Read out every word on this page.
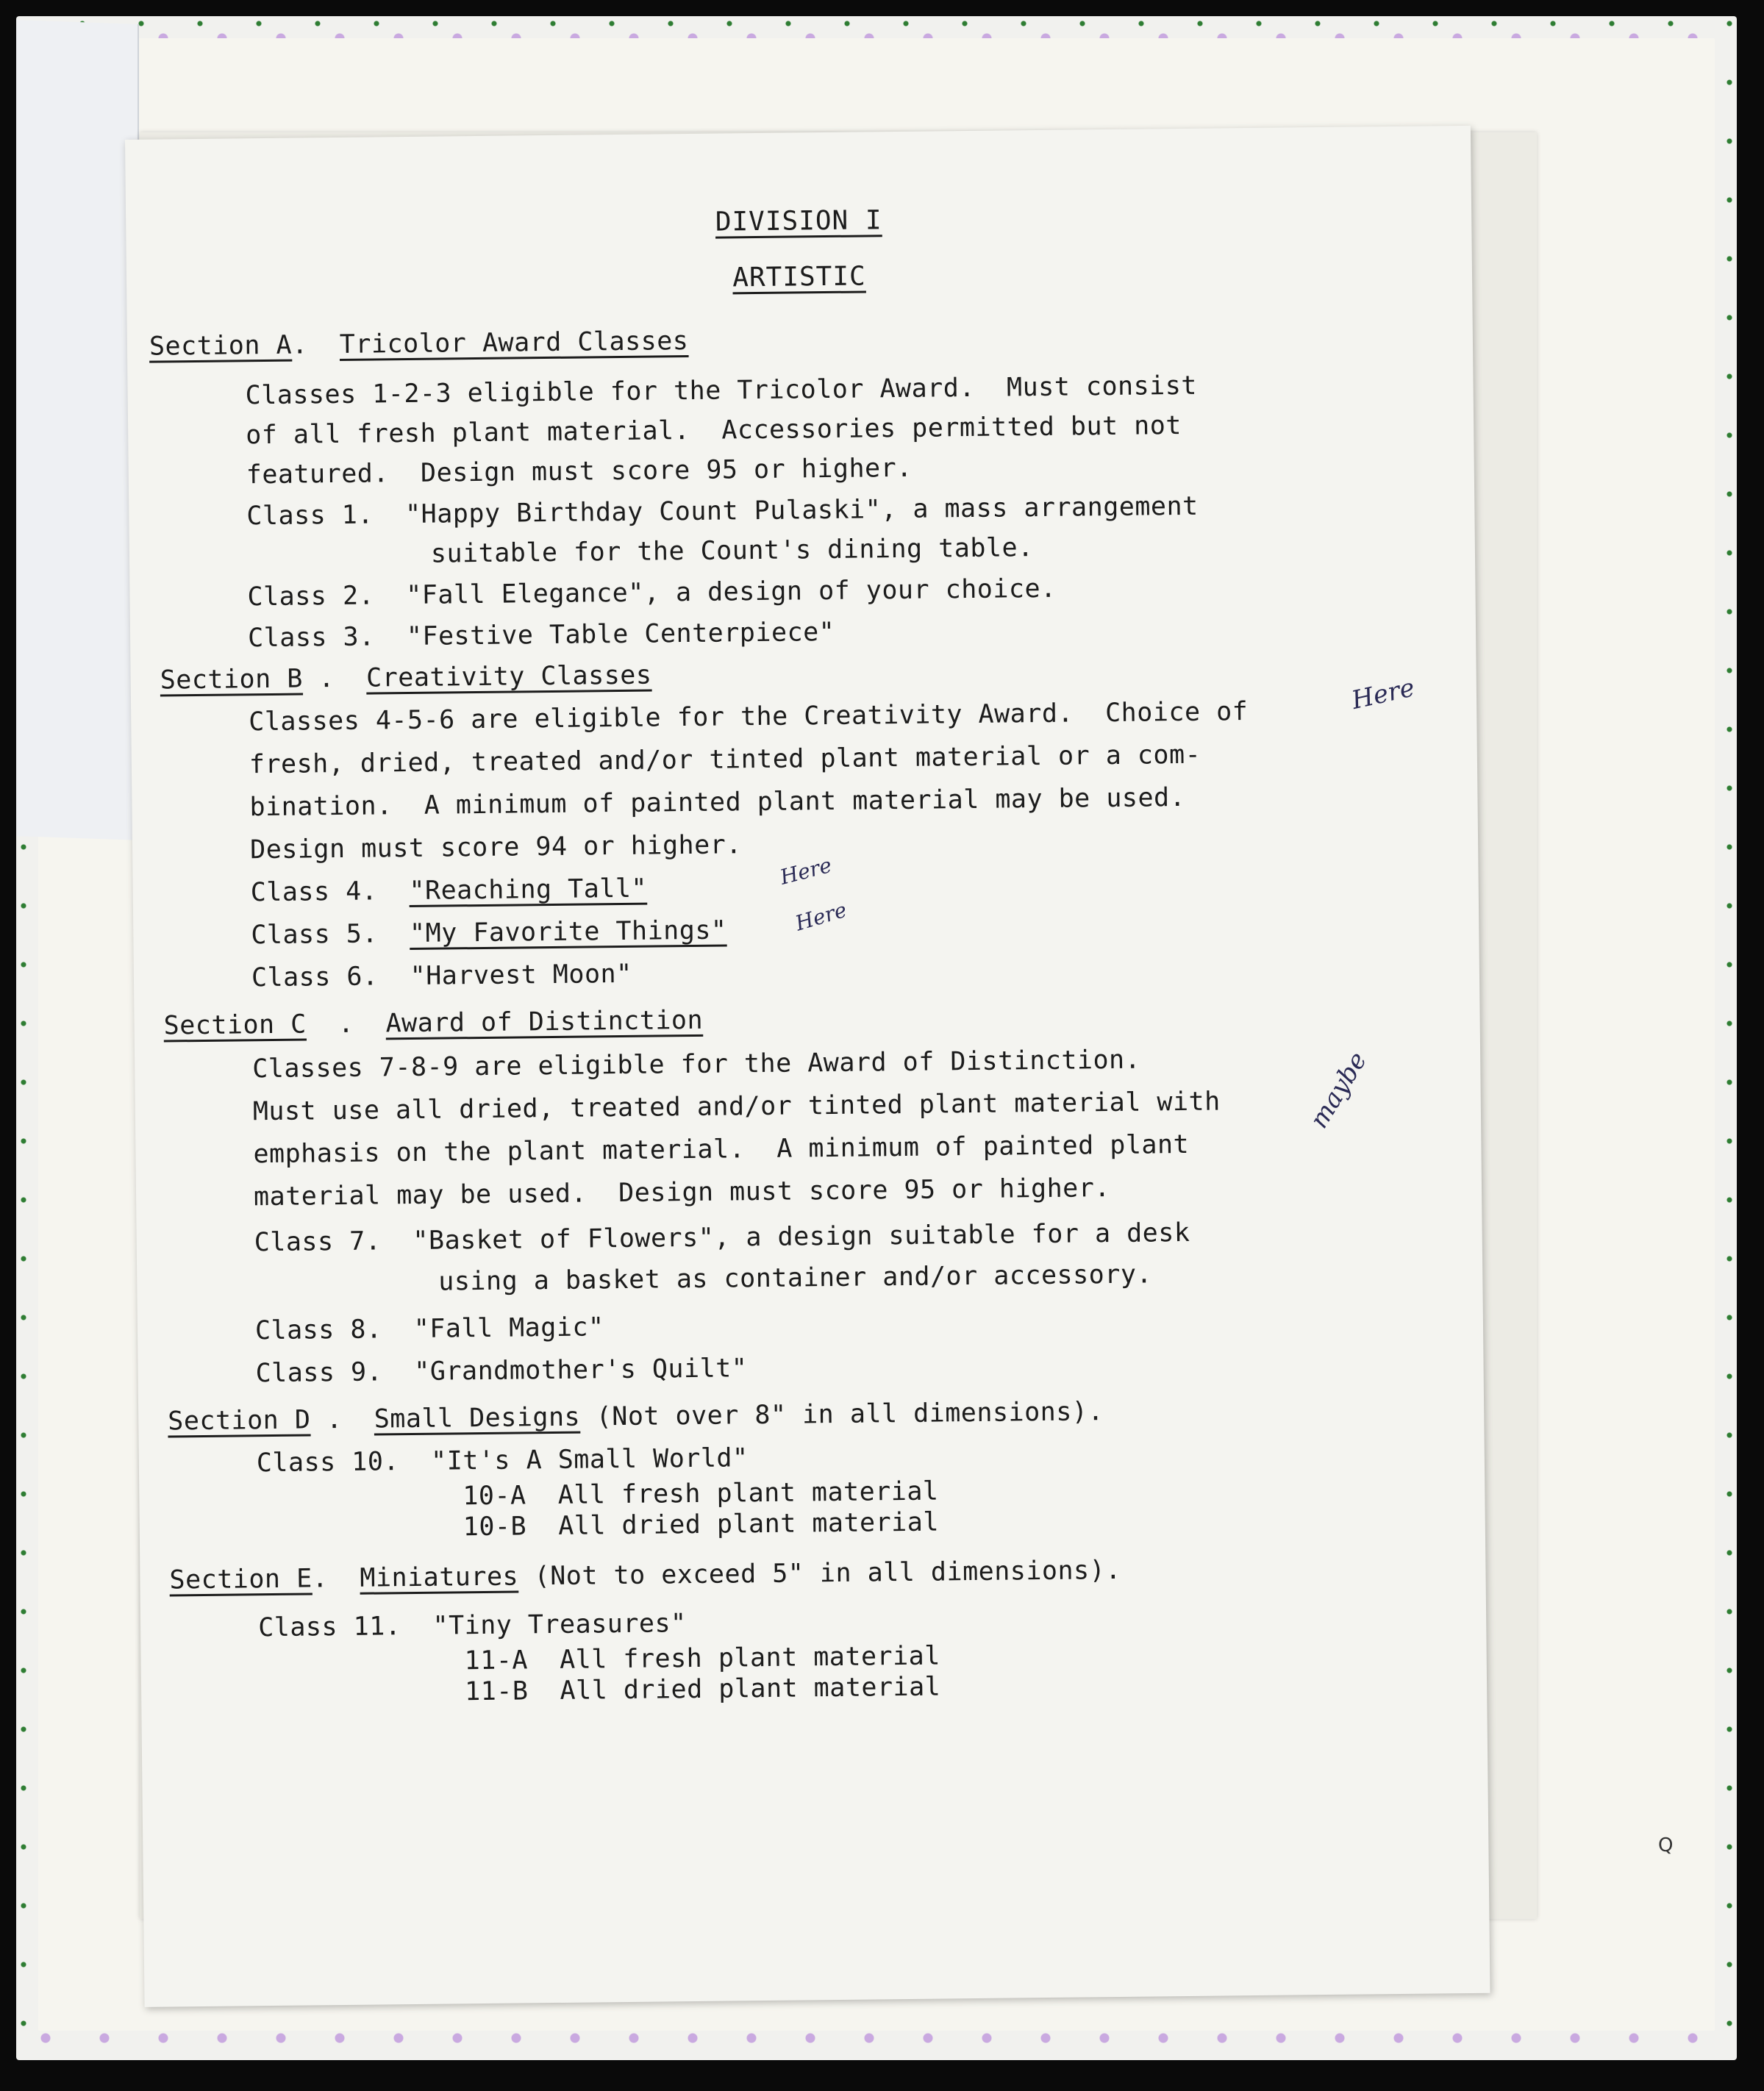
DIVISION I
ARTISTIC
Section A.  Tricolor Award Classes
Classes 1-2-3 eligible for the Tricolor Award.  Must consist
of all fresh plant material.  Accessories permitted but not
featured.  Design must score 95 or higher.
Class 1. "Happy Birthday Count Pulaski", a mass arrangement
suitable for the Count's dining table.
Class 2. "Fall Elegance", a design of your choice.
Class 3. "Festive Table Centerpiece"
Section B .  Creativity Classes
Classes 4-5-6 are eligible for the Creativity Award.  Choice of
fresh, dried, treated and/or tinted plant material or a com-
bination.  A minimum of painted plant material may be used.
Design must score 94 or higher.
Class 4. "Reaching Tall"
Class 5. "My Favorite Things"
Class 6. "Harvest Moon"
Section C  .  Award of Distinction
Classes 7-8-9 are eligible for the Award of Distinction.
Must use all dried, treated and/or tinted plant material with
emphasis on the plant material.  A minimum of painted plant
material may be used.  Design must score 95 or higher.
Class 7. "Basket of Flowers", a design suitable for a desk
using a basket as container and/or accessory.
Class 8. "Fall Magic"
Class 9. "Grandmother's Quilt"
Section D .  Small Designs (Not over 8" in all dimensions).
Class 10. "It's A Small World"
10-A  All fresh plant material
10-B  All dried plant material
Section E.  Miniatures (Not to exceed 5" in all dimensions).
Class 11. "Tiny Treasures"
11-A  All fresh plant material
11-B  All dried plant material
Here
Here
Here
maybe
Q
